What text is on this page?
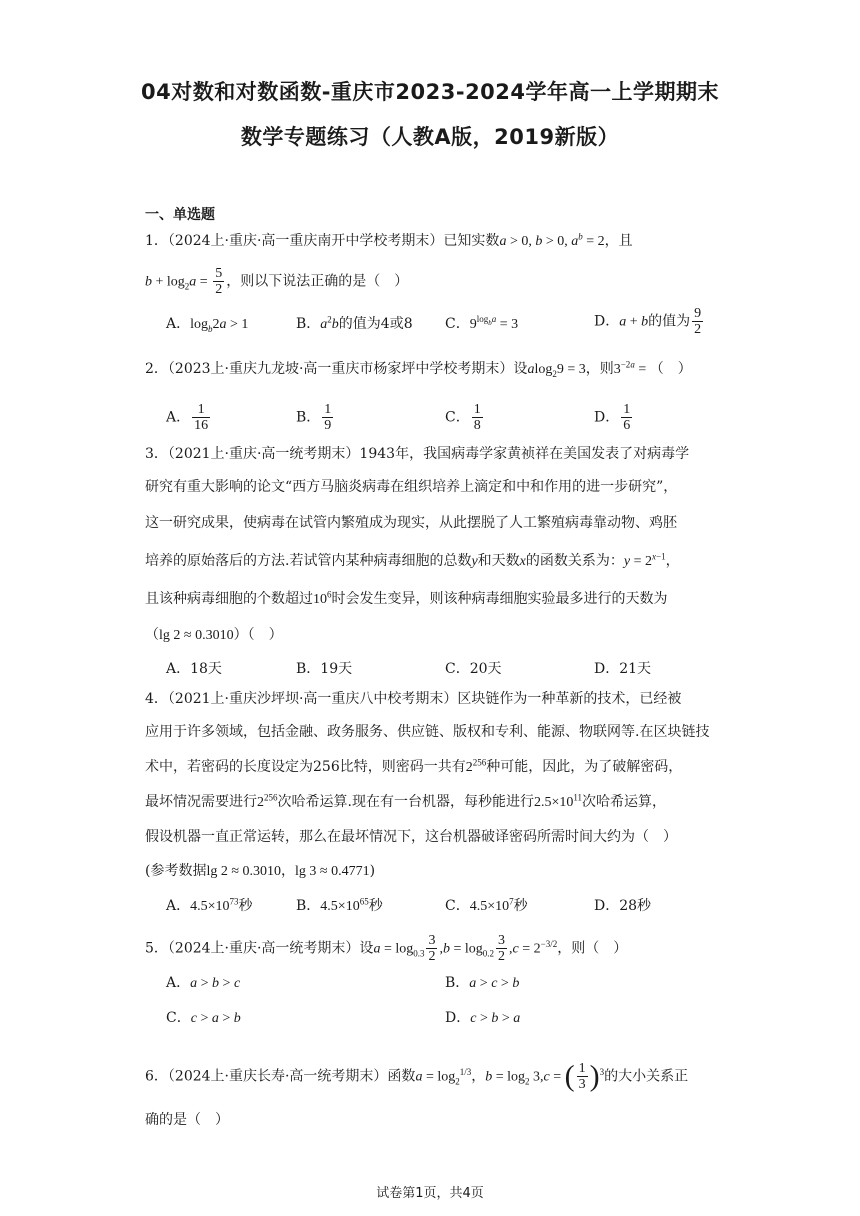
04对数和对数函数-重庆市2023-2024学年高一上学期期末
数学专题练习（人教A版，2019新版）
一、单选题
1．（2024上·重庆·高一重庆南开中学校考期末）已知实数a > 0, b > 0, $a^b = 2$，且
$b + \log_2a = \frac{5}{2}$ ，则以下说法正确的是（　）
A．$\log_b2a > 1$	B．$a^2b$的值为4或8 C．$9^{log_ba} = 3$	D．a + b的值为 $\frac{9}{2}$
2．（2023上·重庆九龙坡·高一重庆市杨家坪中学校考期末）设alog$_2$9 = 3，则$3^{-2a}$ = （　）
A． $\frac{1}{16}$	B． $\frac{1}{9}$	C． $\frac{1}{8}$	D． $\frac{1}{6}$
3．（2021上·重庆·高一统考期末）1943年，我国病毒学家黄祯祥在美国发表了对病毒学
研究有重大影响的论文“西方马脑炎病毒在组织培养上滴定和中和作用的进一步研究”，
这一研究成果，使病毒在试管内繁殖成为现实，从此摆脱了人工繁殖病毒靠动物、鸡胚
培养的原始落后的方法.若试管内某种病毒细胞的总数y和天数x的函数关系为：$y = 2^{x-1}$，
且该种病毒细胞的个数超过$10^6$时会发生变异，则该种病毒细胞实验最多进行的天数为
（lg 2 ≈ 0.3010）（　）
A．18天	B．19天	C．20天	D．21天
4．（2021上·重庆沙坪坝·高一重庆八中校考期末）区块链作为一种革新的技术，已经被
应用于许多领域，包括金融、政务服务、供应链、版权和专利、能源、物联网等.在区块链技
术中，若密码的长度设定为256比特，则密码一共有$2^{256}$种可能，因此，为了破解密码，
最坏情况需要进行$2^{256}$次哈希运算.现在有一台机器，每秒能进行$2.5\times 10^{11}$次哈希运算，
假设机器一直正常运转，那么在最坏情况下，这台机器破译密码所需时间大约为（　）
(参考数据lg 2 ≈ 0.3010，lg 3 ≈ 0.4771)
A．$4.5\times 10^{73}$秒	B．$4.5\times 10^{65}$秒	C．$4.5\times 10^7$秒	D．28秒
5．（2024上·重庆·高一统考期末）设$a = \log_{0.3} \frac{3}{2} ,b = \log_{0.2} \frac{3}{2} ,c = 2^{-3/2}$，则（　）
A．a > b > c	B．a > c > b
C．c > a > b	D．c > b > a
6．（2024上·重庆长寿·高一统考期末）函数$a = \log_2^{1/3}$，$b = \log_2 3,c$ = ( $\frac{1}{3} )^3$的大小关系正
确的是（　）
试卷第1页，共4页
